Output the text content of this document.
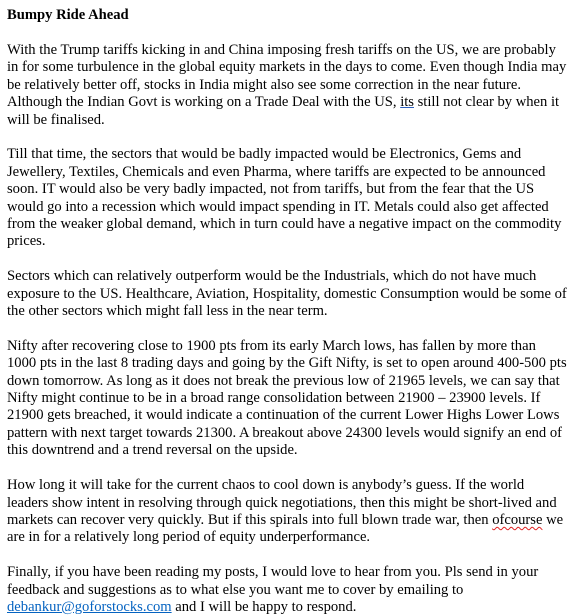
Bumpy Ride Ahead

With the Trump tariffs kicking in and China imposing fresh tariffs on the US, we are probably in for some turbulence in the global equity markets in the days to come. Even though India may be relatively better off, stocks in India might also see some correction in the near future. Although the Indian Govt is working on a Trade Deal with the US, its still not clear by when it will be finalised.

Till that time, the sectors that would be badly impacted would be Electronics, Gems and Jewellery, Textiles, Chemicals and even Pharma, where tariffs are expected to be announced soon. IT would also be very badly impacted, not from tariffs, but from the fear that the US would go into a recession which would impact spending in IT. Metals could also get affected from the weaker global demand, which in turn could have a negative impact on the commodity prices.

Sectors which can relatively outperform would be the Industrials, which do not have much exposure to the US. Healthcare, Aviation, Hospitality, domestic Consumption would be some of the other sectors which might fall less in the near term.

Nifty after recovering close to 1900 pts from its early March lows, has fallen by more than 1000 pts in the last 8 trading days and going by the Gift Nifty, is set to open around 400-500 pts down tomorrow. As long as it does not break the previous low of 21965 levels, we can say that Nifty might continue to be in a broad range consolidation between 21900 – 23900 levels. If 21900 gets breached, it would indicate a continuation of the current Lower Highs Lower Lows pattern with next target towards 21300. A breakout above 24300 levels would signify an end of this downtrend and a trend reversal on the upside.

How long it will take for the current chaos to cool down is anybody’s guess. If the world leaders show intent in resolving through quick negotiations, then this might be short-lived and markets can recover very quickly. But if this spirals into full blown trade war, then ofcourse we are in for a relatively long period of equity underperformance.

Finally, if you have been reading my posts, I would love to hear from you. Pls send in your feedback and suggestions as to what else you want me to cover by emailing to debankur@goforstocks.com and I will be happy to respond.
